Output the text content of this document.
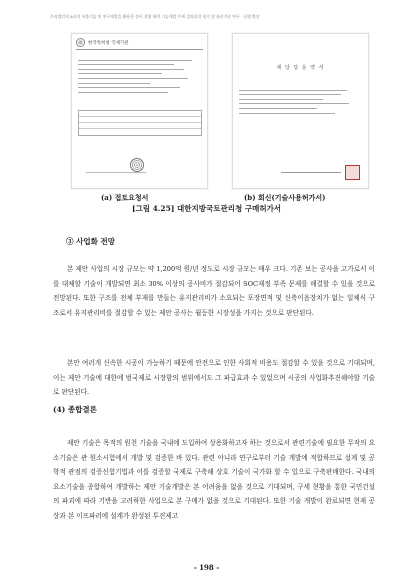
우리법인의 A자치 서울기술 및 연구개발을 활용한 장비 경영 협력 기술개발 주제 성과물의 평가 및 관리기준 연구 · 실행 방안
한국특허청 국제기관
세 당 당 운 약 서
(a) 접토요청서	(b) 회신(기술사용허가서)
[그림 4.25] 대한지방국토관리청 구매허가서
③ 사업화 전망

본 제안 사업의 시장 규모는 약 1,200억 원/년 정도로 시장 규모는 매우 크다. 기존 보는 공사을 고가로서 이를 대체할 기술이 개발되면 최소 30% 이상의 공사비가 절감되어 SOC재정 부족 문제를 해결할 수 있을 것으로 전망된다. 또한 구조를 전체 부재를 만들는 유지관리비가 소요되는 포장면적 및 신축이음장치가 없는 일체식 구조로서 유지관리비를 절감할 수 있는 제안 공사는 월등한 시장성을 가지는 것으로 판단된다.

본안 여러개 신속한 시공이 가능하기 때문에 안전으로 인한 사회적 비용도 절감할 수 있을 것으로 기대되며, 이는 제안 기술에 대한에 범국제로 시장함의 범위에서도 그 파급효과 수 있었으며 시공의 사업화추진해야할 기술로 판단된다.

(4) 종합결론

제안 기술은 목적의 원천 기술을 국내에 도입하여 상용화하고자 하는 것으로서 관련기술에 필요한 무작의 요소기술은 관 원소시험에서 개발 및 검증한 바 있다. 관련 아니라 연구로부터 기술 개발에 적합하므로 설계 및 공학적 관점의 검증선험기법과 이를 검증할 국제로 구축해 상호 기술이 국가화 할 수 있으로 구축판매한다. 국내의 요소기술을 종합하여 개발하는 제안 기술개발은 본 어려움을 없을 것으로 기대되며, 구세 현황을 통한 국민건설의 파괴에 따라 기반을 고려하한 사업으로 본 구매가 없을 것으로 기대된다. 또한 기술 개발이 완료되면 현재 공상과 본 이프파러에 설계가 완성된 투진제고

- 198 -
